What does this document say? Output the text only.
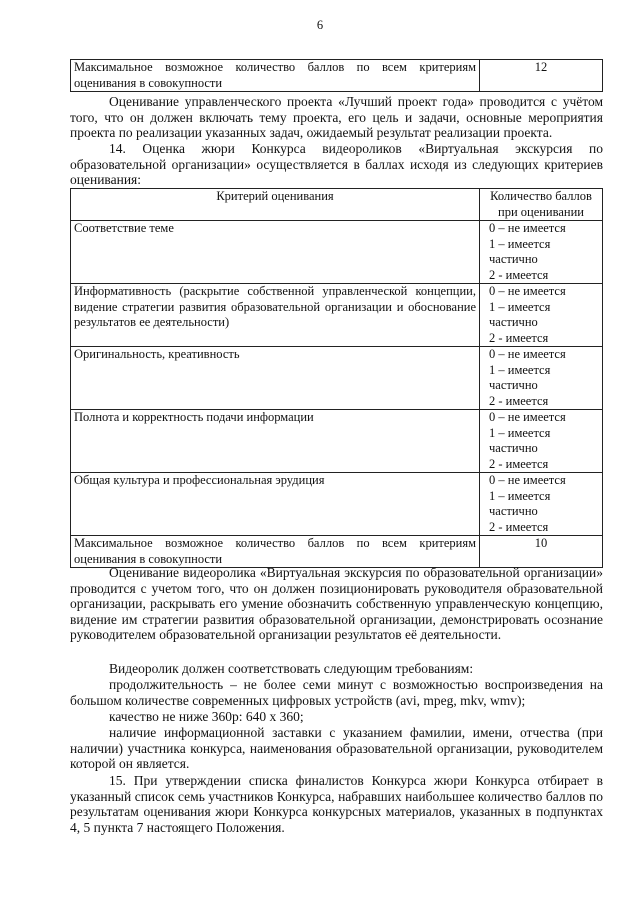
6
Максимальное возможное количество баллов по всем критериям оценивания в совокупности	12
Оценивание управленческого проекта «Лучший проект года» проводится с учётом того, что он должен включать тему проекта, его цель и задачи, основные мероприятия проекта по реализации указанных задач, ожидаемый результат реализации проекта.
14. Оценка жюри Конкурса видеороликов «Виртуальная экскурсия по образовательной организации» осуществляется в баллах исходя из следующих критериев оценивания:
Критерий оценивания	Количество баллов при оценивании
Соответствие теме	0 – не имеется
1 – имеется частично
2 - имеется

Информативность (раскрытие собственной управленческой концепции, видение стратегии развития образовательной организации и обоснование результатов ее деятельности)	0 – не имеется
1 – имеется частично
2 - имеется

Оригинальность, креативность	0 – не имеется
1 – имеется частично
2 - имеется

Полнота и корректность подачи информации	0 – не имеется
1 – имеется частично
2 - имеется

Общая культура и профессиональная эрудиция	0 – не имеется
1 – имеется частично
2 - имеется

Максимальное возможное количество баллов по всем критериям оценивания в совокупности	10
Оценивание видеоролика «Виртуальная экскурсия по образовательной организации» проводится с учетом того, что он должен позиционировать руководителя образовательной организации, раскрывать его умение обозначить собственную управленческую концепцию, видение им стратегии развития образовательной организации, демонстрировать осознание руководителем образовательной организации результатов её деятельности.
Видеоролик должен соответствовать следующим требованиям:
продолжительность – не более семи минут с возможностью воспроизведения на большом количестве современных цифровых устройств (avi, mpeg, mkv, wmv);
качество не ниже 360р: 640 х 360;
наличие информационной заставки с указанием фамилии, имени, отчества (при наличии) участника конкурса, наименования образовательной организации, руководителем которой он является.
15. При утверждении списка финалистов Конкурса жюри Конкурса отбирает в указанный список семь участников Конкурса, набравших наибольшее количество баллов по результатам оценивания жюри Конкурса конкурсных материалов, указанных в подпунктах 4, 5 пункта 7 настоящего Положения.
